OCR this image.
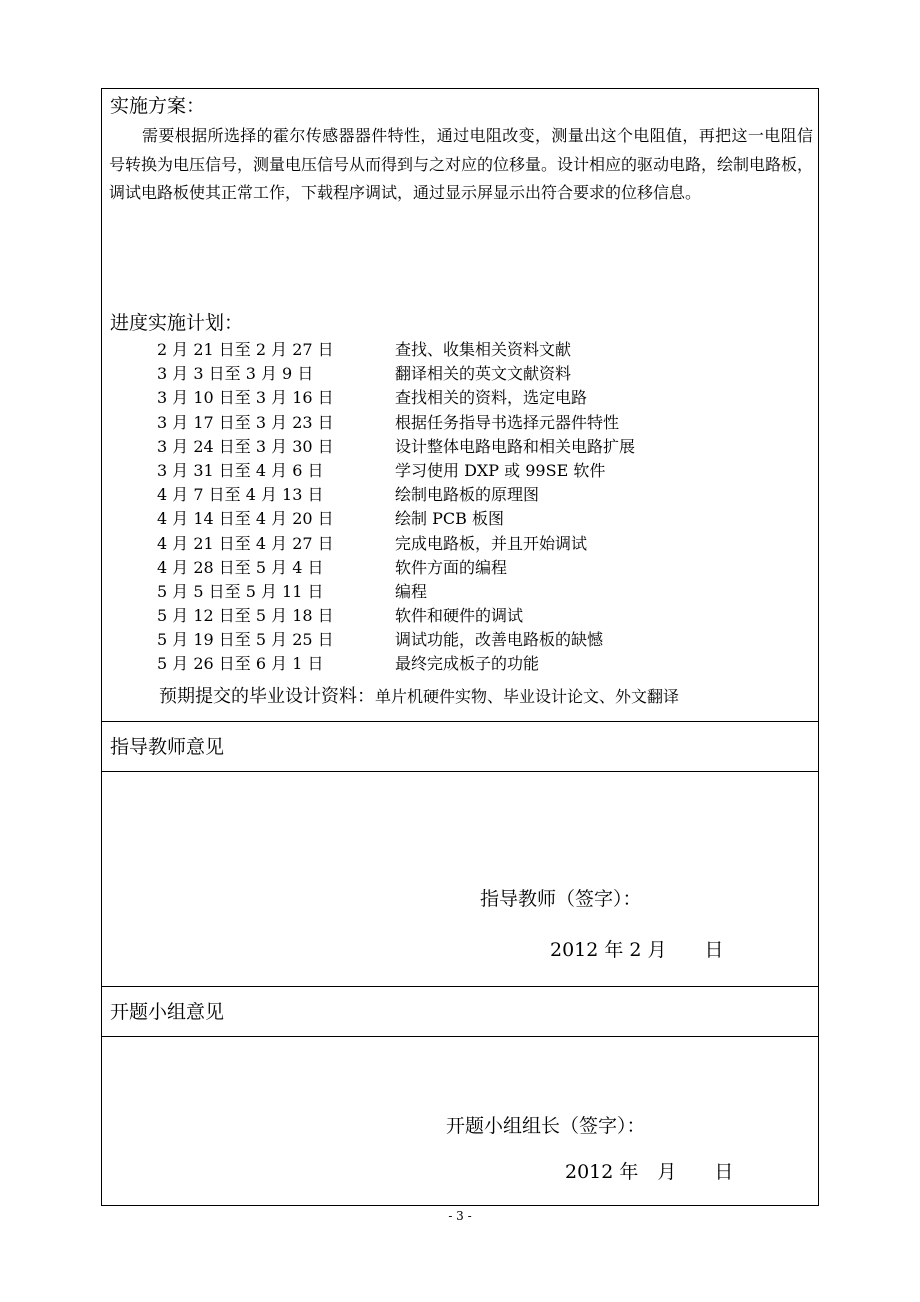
实施方案：

需要根据所选择的霍尔传感器器件特性，通过电阻改变，测量出这个电阻值，再把这一电阻信号转换为电压信号，测量电压信号从而得到与之对应的位移量。设计相应的驱动电路，绘制电路板，调试电路板使其正常工作，下载程序调试，通过显示屏显示出符合要求的位移信息。

进度实施计划：
2 月 21 日至 2 月 27 日	查找、收集相关资料文献
3 月 3 日至 3 月 9 日	翻译相关的英文文献资料
3 月 10 日至 3 月 16 日	查找相关的资料，选定电路
3 月 17 日至 3 月 23 日	根据任务指导书选择元器件特性
3 月 24 日至 3 月 30 日	设计整体电路电路和相关电路扩展
3 月 31 日至 4 月 6 日	学习使用 DXP 或 99SE 软件
4 月 7 日至 4 月 13 日	绘制电路板的原理图
4 月 14 日至 4 月 20 日	绘制 PCB 板图
4 月 21 日至 4 月 27 日	完成电路板，并且开始调试
4 月 28 日至 5 月 4 日	软件方面的编程
5 月 5 日至 5 月 11 日	编程
5 月 12 日至 5 月 18 日	软件和硬件的调试
5 月 19 日至 5 月 25 日	调试功能，改善电路板的缺憾
5 月 26 日至 6 月 1 日	最终完成板子的功能
预期提交的毕业设计资料：单片机硬件实物、毕业设计论文、外文翻译
指导教师意见
指导教师（签字）：
2012 年 2 月　　日
开题小组意见
开题小组组长（签字）：
2012 年　月　　日
- 3 -
